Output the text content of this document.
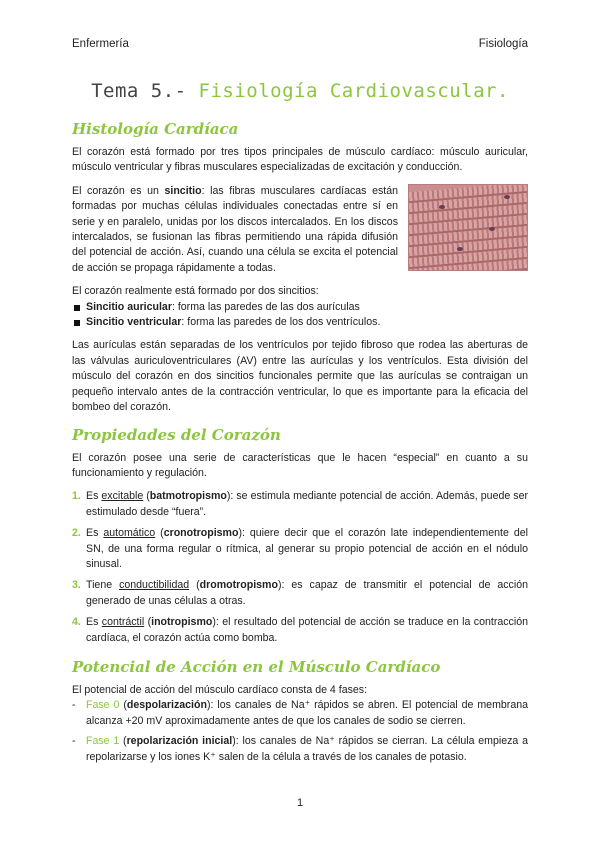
Enfermería	Fisiología
Tema 5.- Fisiología Cardiovascular.
Histología Cardíaca

El corazón está formado por tres tipos principales de músculo cardíaco: músculo auricular, músculo ventricular y fibras musculares especializadas de excitación y conducción.

El corazón es un sincitio: las fibras musculares cardíacas están formadas por muchas células individuales conectadas entre sí en serie y en paralelo, unidas por los discos intercalados. En los discos intercalados, se fusionan las fibras permitiendo una rápida difusión del potencial de acción. Así, cuando una célula se excita el potencial de acción se propaga rápidamente a todas.

El corazón realmente está formado por dos sincitios:

Sincitio auricular: forma las paredes de las dos aurículas
Sincitio ventricular: forma las paredes de los dos ventrículos.

Las aurículas están separadas de los ventrículos por tejido fibroso que rodea las aberturas de las válvulas auriculoventriculares (AV) entre las aurículas y los ventrículos. Esta división del músculo del corazón en dos sincitios funcionales permite que las aurículas se contraigan un pequeño intervalo antes de la contracción ventricular, lo que es importante para la eficacia del bombeo del corazón.

Propiedades del Corazón

El corazón posee una serie de características que le hacen “especial” en cuanto a su funcionamiento y regulación.

1. Es excitable (batmotropismo): se estimula mediante potencial de acción. Además, puede ser estimulado desde “fuera”.
2. Es automático (cronotropismo): quiere decir que el corazón late independientemente del SN, de una forma regular o rítmica, al generar su propio potencial de acción en el nódulo sinusal.
3. Tiene conductibilidad (dromotropismo): es capaz de transmitir el potencial de acción generado de unas células a otras.
4. Es contráctil (inotropismo): el resultado del potencial de acción se traduce en la contracción cardíaca, el corazón actúa como bomba.
Potencial de Acción en el Músculo Cardíaco

El potencial de acción del músculo cardíaco consta de 4 fases:

- Fase 0 (despolarización): los canales de Na⁺ rápidos se abren. El potencial de membrana alcanza +20 mV aproximadamente antes de que los canales de sodio se cierren.
- Fase 1 (repolarización inicial): los canales de Na⁺ rápidos se cierran. La célula empieza a repolarizarse y los iones K⁺ salen de la célula a través de los canales de potasio.
1
